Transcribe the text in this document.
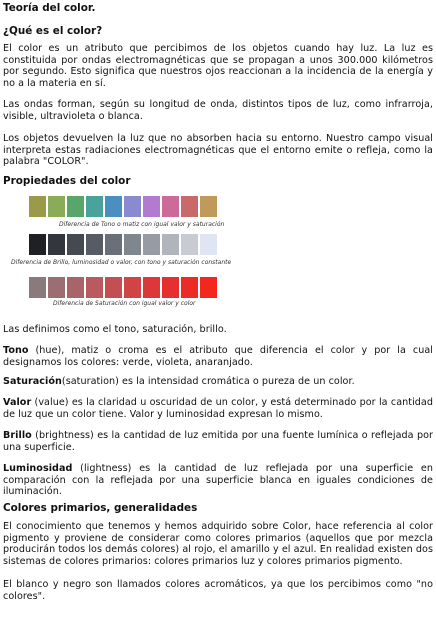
Teoría del color.
¿Qué es el color?

El color es un atributo que percibimos de los objetos cuando hay luz. La luz es constituida por ondas electromagnéticas que se propagan a unos 300.000 kilómetros por segundo. Esto significa que nuestros ojos reaccionan a la incidencia de la energía y no a la materia en sí.

Las ondas forman, según su longitud de onda, distintos tipos de luz, como infrarroja, visible, ultravioleta o blanca.

Los objetos devuelven la luz que no absorben hacia su entorno. Nuestro campo visual interpreta estas radiaciones electromagnéticas que el entorno emite o refleja, como la palabra "COLOR".

Propiedades del color
Diferencia de Tono o matiz con igual valor y saturación
Diferencia de Brillo, luminosidad o valor, con tono y saturación constante
Diferencia de Saturación con igual valor y color

Las definimos como el tono, saturación, brillo.

Tono (hue), matiz o croma es el atributo que diferencia el color y por la cual designamos los colores: verde, violeta, anaranjado.

Saturación(saturation) es la intensidad cromática o pureza de un color.

Valor (value) es la claridad u oscuridad de un color, y está determinado por la cantidad de luz que un color tiene. Valor y luminosidad expresan lo mismo.

Brillo (brightness) es la cantidad de luz emitida por una fuente lumínica o reflejada por una superficie.

Luminosidad (lightness) es la cantidad de luz reflejada por una superficie en comparación con la reflejada por una superficie blanca en iguales condiciones de iluminación.

Colores primarios, generalidades

El conocimiento que tenemos y hemos adquirido sobre Color, hace referencia al color pigmento y proviene de considerar como colores primarios (aquellos que por mezcla producirán todos los demás colores) al rojo, el amarillo y el azul. En realidad existen dos sistemas de colores primarios: colores primarios luz y colores primarios pigmento.

El blanco y negro son llamados colores acromáticos, ya que los percibimos como "no colores".
